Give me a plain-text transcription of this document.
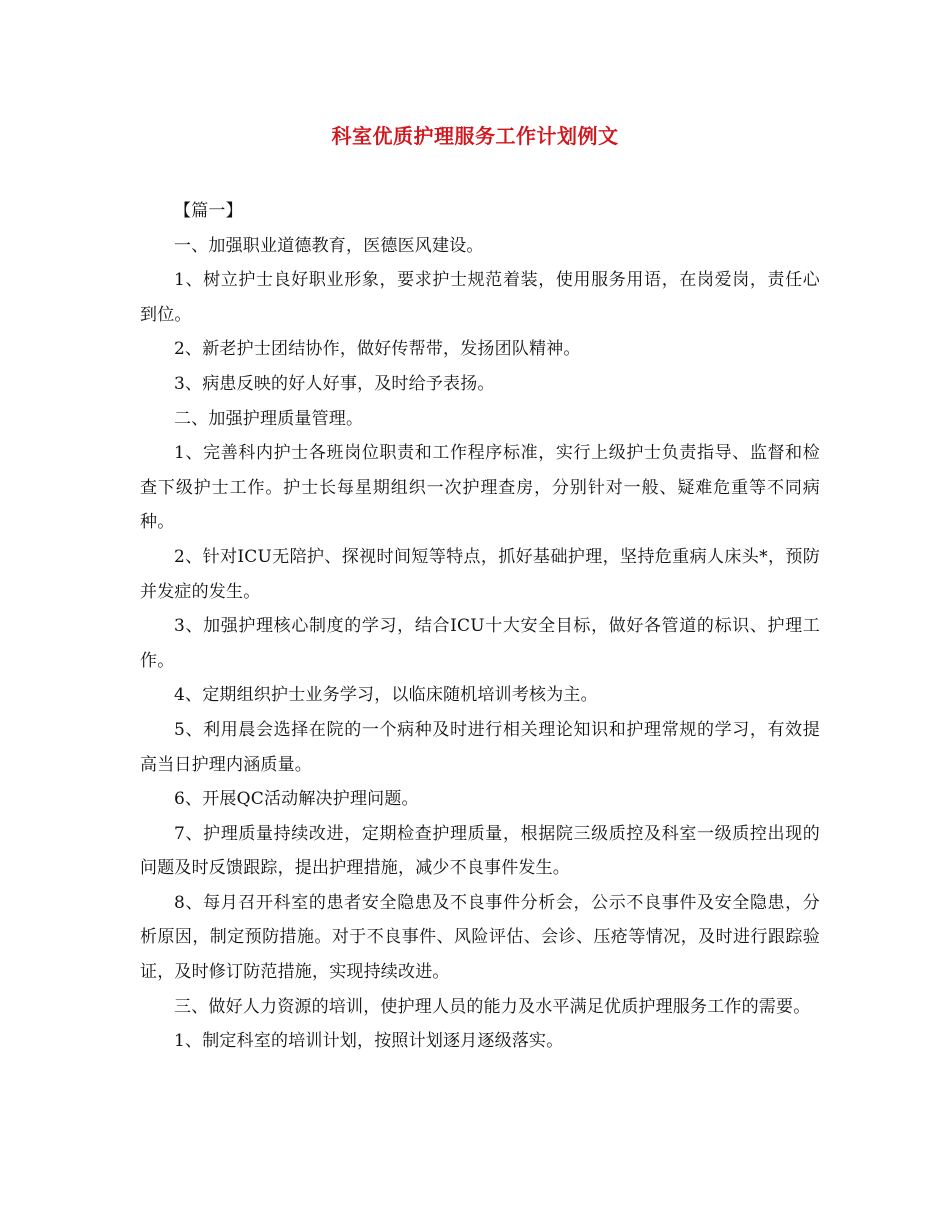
科室优质护理服务工作计划例文

【篇一】

一、加强职业道德教育，医德医风建设。

1、树立护士良好职业形象，要求护士规范着装，使用服务用语，在岗爱岗，责任心到位。

2、新老护士团结协作，做好传帮带，发扬团队精神。

3、病患反映的好人好事，及时给予表扬。

二、加强护理质量管理。

1、完善科内护士各班岗位职责和工作程序标准，实行上级护士负责指导、监督和检查下级护士工作。护士长每星期组织一次护理查房，分别针对一般、疑难危重等不同病种。

2、针对ICU无陪护、探视时间短等特点，抓好基础护理，坚持危重病人床头*，预防并发症的发生。

3、加强护理核心制度的学习，结合ICU十大安全目标，做好各管道的标识、护理工作。

4、定期组织护士业务学习，以临床随机培训考核为主。

5、利用晨会选择在院的一个病种及时进行相关理论知识和护理常规的学习，有效提高当日护理内涵质量。

6、开展QC活动解决护理问题。

7、护理质量持续改进，定期检查护理质量，根据院三级质控及科室一级质控出现的问题及时反馈跟踪，提出护理措施，减少不良事件发生。

8、每月召开科室的患者安全隐患及不良事件分析会，公示不良事件及安全隐患，分析原因，制定预防措施。对于不良事件、风险评估、会诊、压疮等情况，及时进行跟踪验证，及时修订防范措施，实现持续改进。

三、做好人力资源的培训，使护理人员的能力及水平满足优质护理服务工作的需要。

1、制定科室的培训计划，按照计划逐月逐级落实。
